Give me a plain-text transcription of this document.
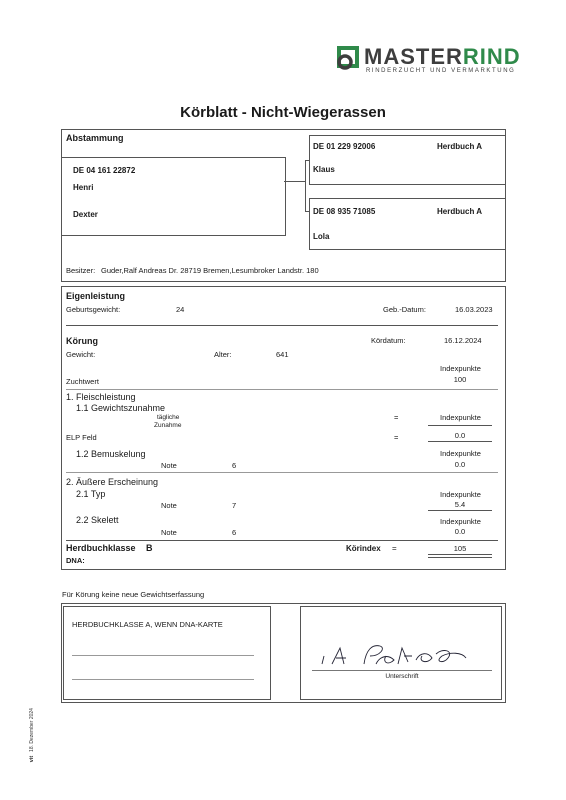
MASTERRIND
RINDERZUCHT UND VERMARKTUNG
Körblatt - Nicht-Wiegerassen
Abstammung
DE 04 161 22872
Henri
Dexter
DE 01 229 92006	Herdbuch A
Klaus
DE 08 935 71085	Herdbuch A
Lola
Besitzer: Guder,Ralf Andreas Dr. 28719 Bremen,Lesumbroker Landstr. 180
Eigenleistung
Geburtsgewicht:	24	Geb.-Datum:	16.03.2023
Körung	Kördatum:	16.12.2024
Gewicht:	Alter:	641
Indexpunkte
Zuchtwert	100
1. Fleischleistung
1.1 Gewichtszunahme
tägliche
Zunahme
=	Indexpunkte
ELP Feld	=	0.0
1.2 Bemuskelung	Indexpunkte
Note	6	0.0
2. Äußere Erscheinung
2.1 Typ	Indexpunkte
Note	7	5.4
2.2 Skelett	Indexpunkte
Note	6	0.0
Herdbuchklasse B	Körindex =	105
DNA:
Für Körung keine neue Gewichtserfassung
HERDBUCHKLASSE A, WENN DNA-KARTE
Unterschrift
18. Dezember 2024
vit
